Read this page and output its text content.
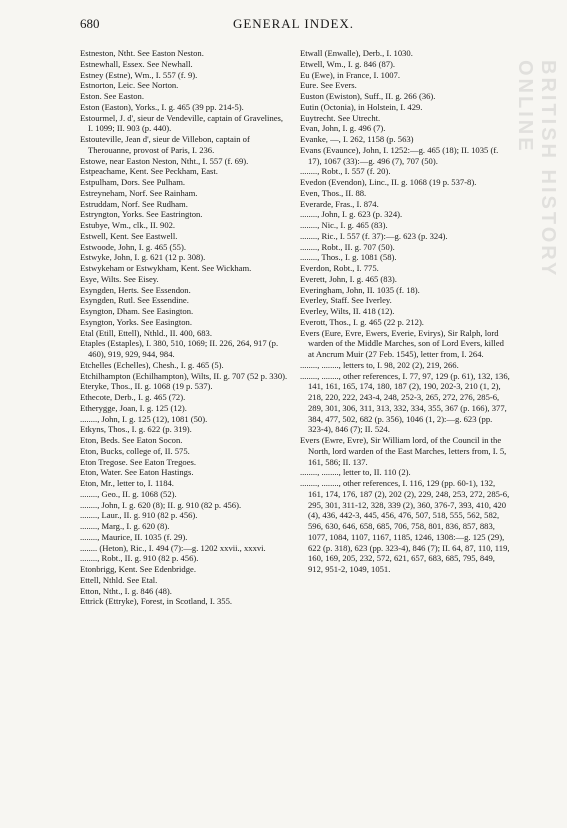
680	GENERAL INDEX.

Estneston, Ntht. See Easton Neston.

Estnewhall, Essex. See Newhall.

Estney (Estne), Wm., I. 557 (f. 9).

Estnorton, Leic. See Norton.

Eston. See Easton.

Eston (Easton), Yorks., I. g. 465 (39 pp. 214-5).

Estourmel, J. d', sieur de Vendeville, captain of Gravelines, I. 1099; II. 903 (p. 440).

Estouteville, Jean d', sieur de Villebon, captain of Therouanne, provost of Paris, I. 236.

Estowe, near Easton Neston, Ntht., I. 557 (f. 69).

Estpeachame, Kent. See Peckham, East.

Estpulham, Dors. See Pulham.

Estreyneham, Norf. See Rainham.

Estruddam, Norf. See Rudham.

Estryngton, Yorks. See Eastrington.

Estubye, Wm., clk., II. 902.

Estwell, Kent. See Eastwell.

Estwoode, John, I. g. 465 (55).

Estwyke, John, I. g. 621 (12 p. 308).

Estwykeham or Estwykham, Kent. See Wickham.

Esye, Wilts. See Eisey.

Esyngden, Herts. See Essendon.

Esyngden, Rutl. See Essendine.

Esyngton, Dham. See Easington.

Esyngton, Yorks. See Easington.

Etal (Etill, Ettell), Nthld., II. 400, 683.

Etaples (Estaples), I. 380, 510, 1069; II. 226, 264, 917 (p. 460), 919, 929, 944, 984.

Etchelles (Echelles), Chesh., I. g. 465 (5).

Etchilhampton (Echilhampton), Wilts, II. g. 707 (52 p. 330).

Eteryke, Thos., II. g. 1068 (19 p. 537).

Ethecote, Derb., I. g. 465 (72).

Etherygge, Joan, I. g. 125 (12).

........, John, I. g. 125 (12), 1081 (50).

Etkyns, Thos., I. g. 622 (p. 319).

Eton, Beds. See Eaton Socon.

Eton, Bucks, college of, II. 575.

Eton Tregose. See Eaton Tregoes.

Eton, Water. See Eaton Hastings.

Eton, Mr., letter to, I. 1184.

........, Geo., II. g. 1068 (52).

........, John, I. g. 620 (8); II. g. 910 (82 p. 456).

........, Laur., II. g. 910 (82 p. 456).

........, Marg., I. g. 620 (8).

........, Maurice, II. 1035 (f. 29).

........ (Heton), Ric., I. 494 (7):—g. 1202 xxvii., xxxvi.

........, Robt., II. g. 910 (82 p. 456).

Etonbrigg, Kent. See Edenbridge.

Ettell, Nthld. See Etal.

Etton, Ntht., I. g. 846 (48).

Ettrick (Ettryke), Forest, in Scotland, I. 355.

Etwall (Enwalle), Derb., I. 1030.

Etwell, Wm., I. g. 846 (87).

Eu (Ewe), in France, I. 1007.

Eure. See Evers.

Euston (Ewiston), Suff., II. g. 266 (36).

Eutin (Octonia), in Holstein, I. 429.

Euytrecht. See Utrecht.

Evan, John, I. g. 496 (7).

Evanke, —, I. 262, 1158 (p. 563)

Evans (Evaunce), John, I. 1252:—g. 465 (18); II. 1035 (f. 17), 1067 (33):—g. 496 (7), 707 (50).

........, Robt., I. 557 (f. 20).

Evedon (Evendon), Linc., II. g. 1068 (19 p. 537-8).

Even, Thos., II. 88.

Everarde, Fras., I. 874.

........, John, I. g. 623 (p. 324).

........, Nic., I. g. 465 (83).

........, Ric., I. 557 (f. 37):—g. 623 (p. 324).

........, Robt., II. g. 707 (50).

........, Thos., I. g. 1081 (58).

Everdon, Robt., I. 775.

Everett, John, I. g. 465 (83).

Everingham, John, II. 1035 (f. 18).

Everley, Staff. See Iverley.

Everley, Wilts, II. 418 (12).

Everott, Thos., I. g. 465 (22 p. 212).

Evers (Eure, Evre, Ewers, Everie, Evirys), Sir Ralph, lord warden of the Middle Marches, son of Lord Evers, killed at Ancrum Muir (27 Feb. 1545), letter from, I. 264.

........, ........, letters to, I. 98, 202 (2), 219, 266.

........, ........, other references, I. 77, 97, 129 (p. 61), 132, 136, 141, 161, 165, 174, 180, 187 (2), 190, 202-3, 210 (1, 2), 218, 220, 222, 243-4, 248, 252-3, 265, 272, 276, 285-6, 289, 301, 306, 311, 313, 332, 334, 355, 367 (p. 166), 377, 384, 477, 502, 682 (p. 356), 1046 (1, 2):—g. 623 (pp. 323-4), 846 (7); II. 524.

Evers (Ewre, Evre), Sir William lord, of the Council in the North, lord warden of the East Marches, letters from, I. 5, 161, 586; II. 137.

........, ........, letter to, II. 110 (2).

........, ........, other references, I. 116, 129 (pp. 60-1), 132, 161, 174, 176, 187 (2), 202 (2), 229, 248, 253, 272, 285-6, 295, 301, 311-12, 328, 339 (2), 360, 376-7, 393, 410, 420 (4), 436, 442-3, 445, 456, 476, 507, 518, 555, 562, 582, 596, 630, 646, 658, 685, 706, 758, 801, 836, 857, 883, 1077, 1084, 1107, 1167, 1185, 1246, 1308:—g. 125 (29), 622 (p. 318), 623 (pp. 323-4), 846 (7); II. 64, 87, 110, 119, 160, 169, 205, 232, 572, 621, 657, 683, 685, 795, 849, 912, 951-2, 1049, 1051.

BRITISH HISTORY ONLINE
